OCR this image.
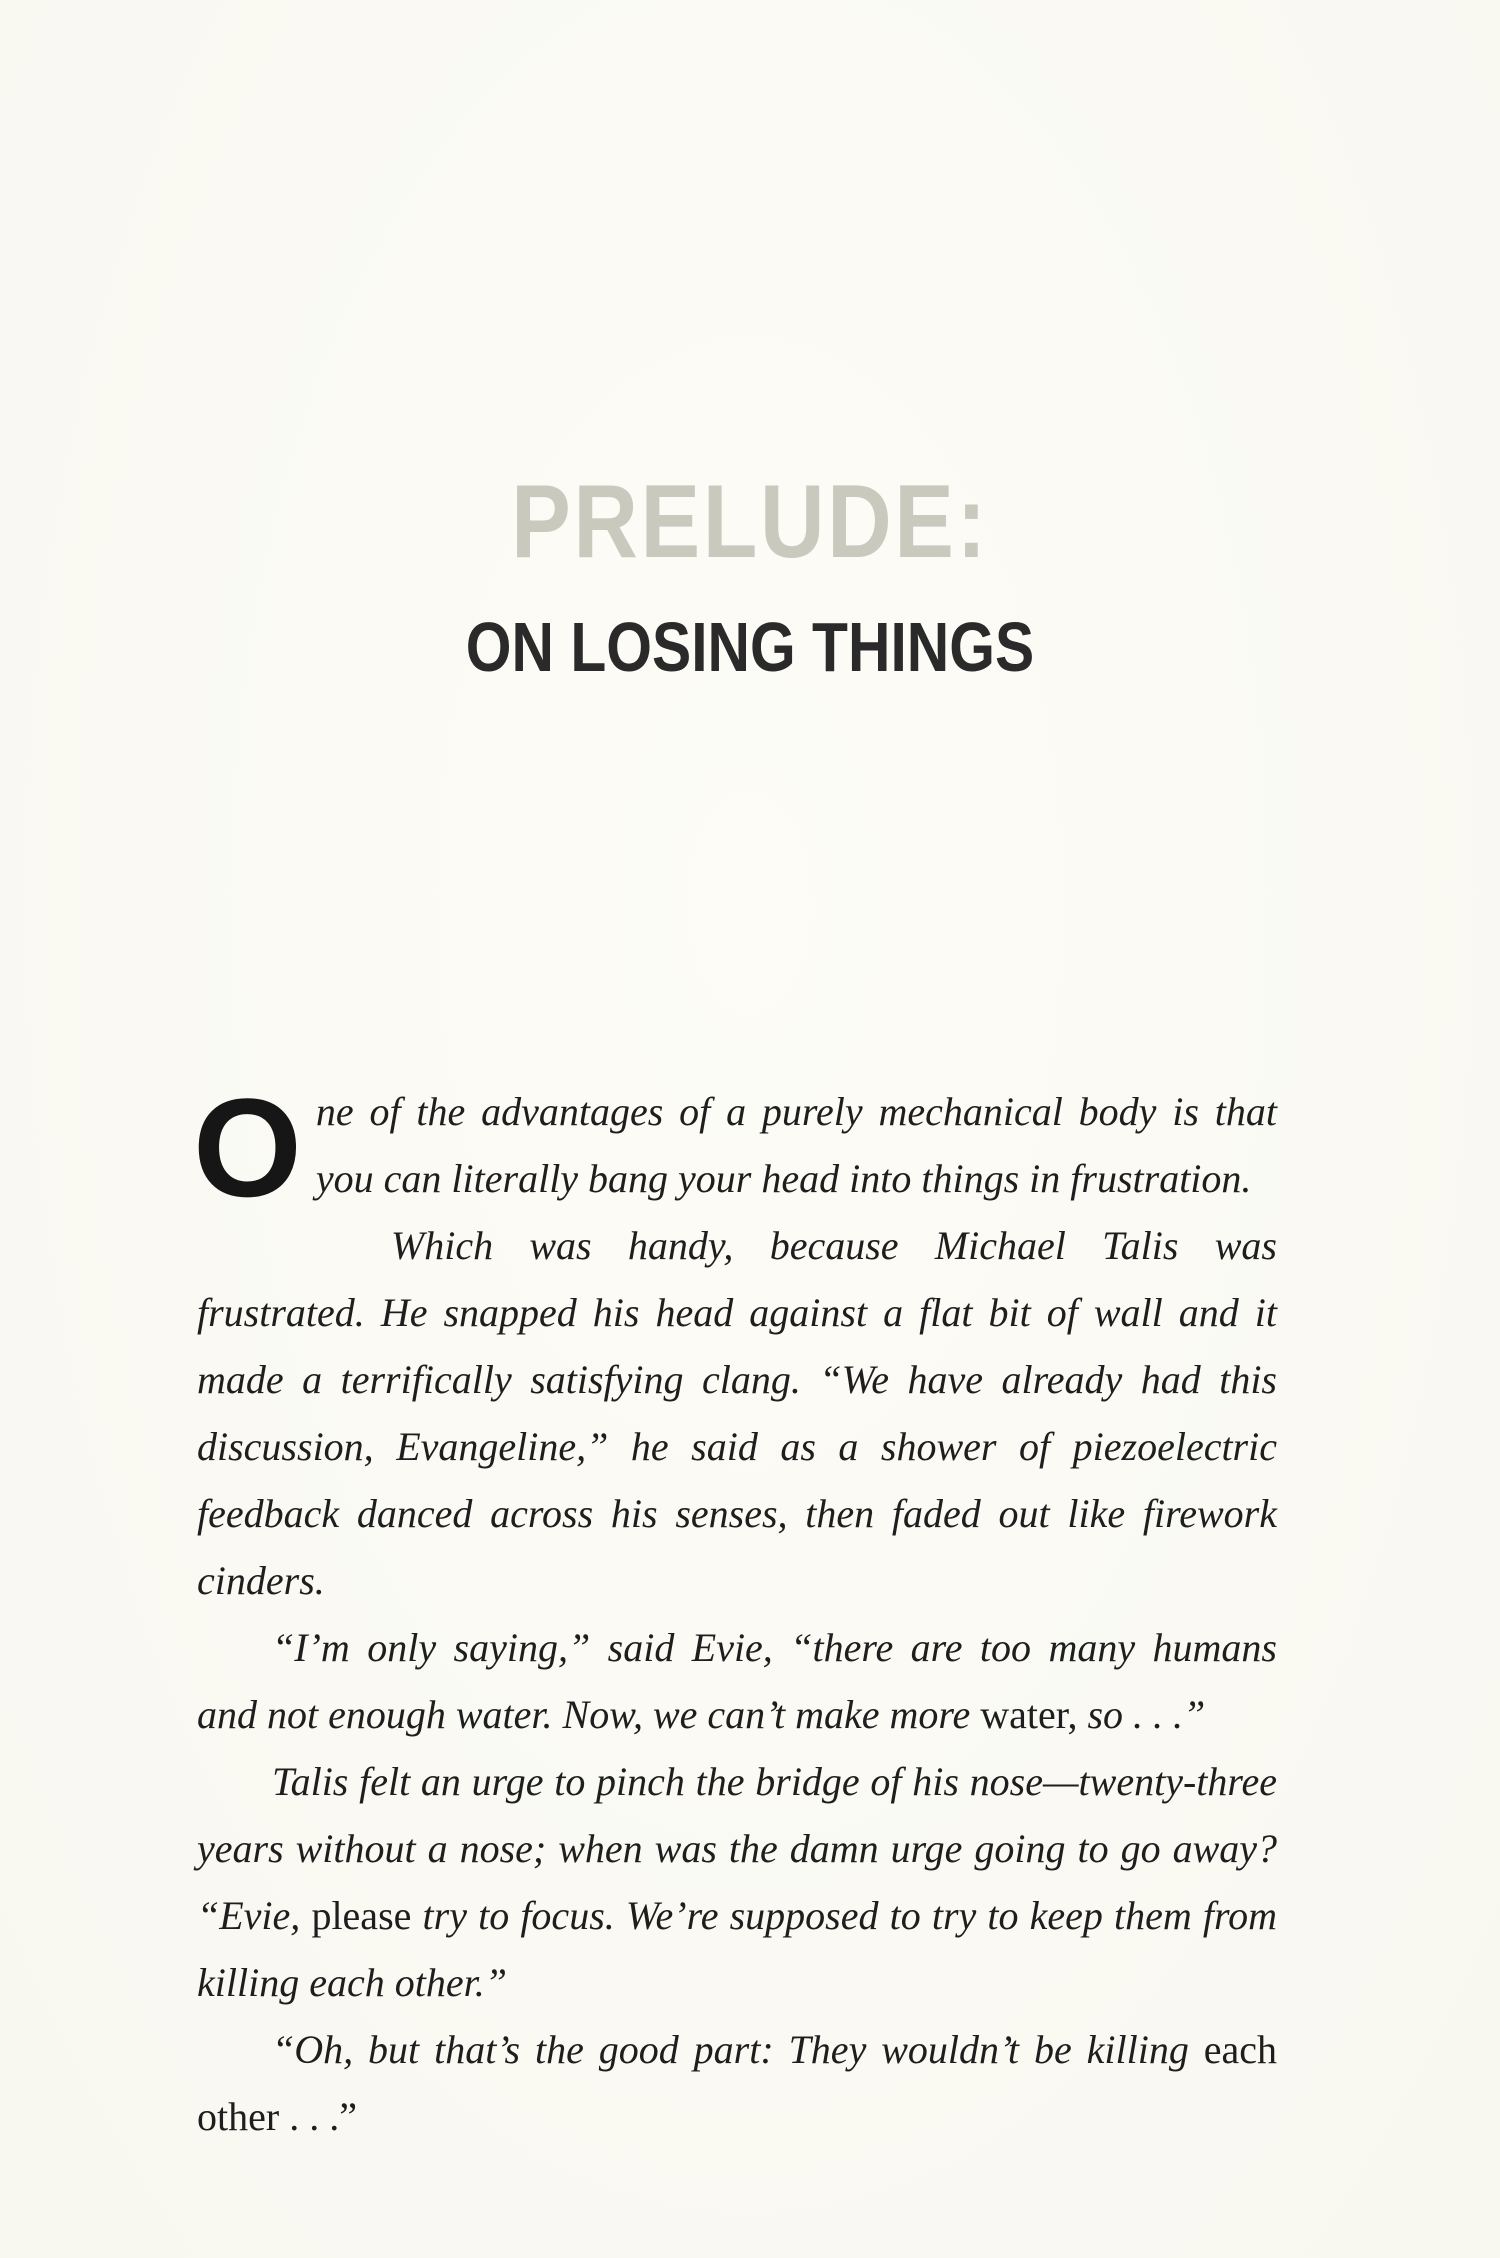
PRELUDE:
ON LOSING THINGS

One of the advantages of a purely mechanical body is that you can literally bang your head into things in frustration.

Which was handy, because Michael Talis was frustrated. He snapped his head against a flat bit of wall and it made a terrifically satisfying clang. “We have already had this discussion, Evangeline,” he said as a shower of piezoelectric feedback danced across his senses, then faded out like firework cinders.

“I’m only saying,” said Evie, “there are too many humans and not enough water. Now, we can’t make more water, so . . .”

Talis felt an urge to pinch the bridge of his nose—twenty-three years without a nose; when was the damn urge going to go away? “Evie, please try to focus. We’re supposed to try to keep them from killing each other.”

“Oh, but that’s the good part: They wouldn’t be killing each other . . .”
